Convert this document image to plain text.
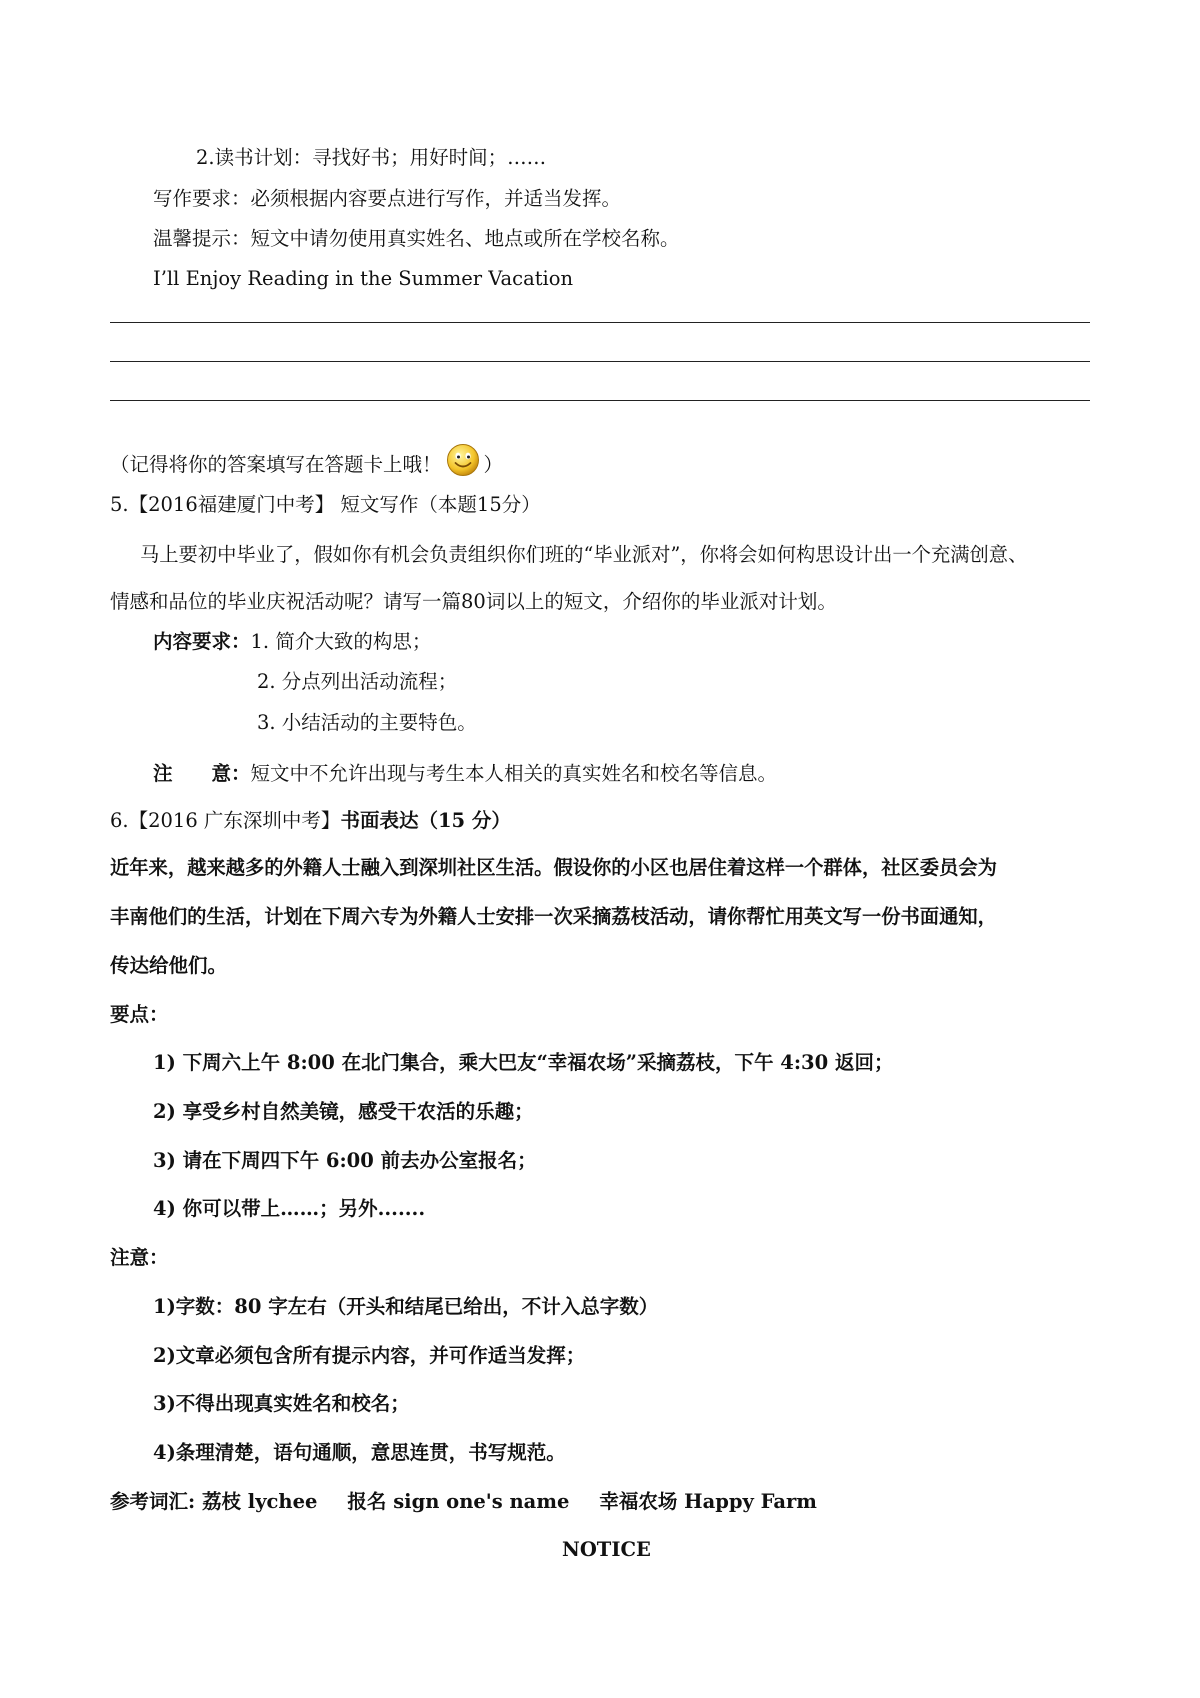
2.读书计划：寻找好书；用好时间；……
写作要求：必须根据内容要点进行写作，并适当发挥。
温馨提示：短文中请勿使用真实姓名、地点或所在学校名称。
I’ll Enjoy Reading in the Summer Vacation
（记得将你的答案填写在答题卡上哦！ ）
5.【2016福建厦门中考】 短文写作（本题15分）
马上要初中毕业了，假如你有机会负责组织你们班的“毕业派对”，你将会如何构思设计出一个充满创意、
情感和品位的毕业庆祝活动呢？请写一篇80词以上的短文，介绍你的毕业派对计划。
内容要求：1. 简介大致的构思；
2. 分点列出活动流程；
3. 小结活动的主要特色。
注　　意：短文中不允许出现与考生本人相关的真实姓名和校名等信息。
6.【2016 广东深圳中考】书面表达（15 分）
近年来，越来越多的外籍人士融入到深圳社区生活。假设你的小区也居住着这样一个群体，社区委员会为
丰南他们的生活，计划在下周六专为外籍人士安排一次采摘荔枝活动，请你帮忙用英文写一份书面通知，
传达给他们。
要点：
1) 下周六上午 8:00 在北门集合，乘大巴友“幸福农场”采摘荔枝，下午 4:30 返回；
2) 享受乡村自然美镜，感受干农活的乐趣；
3) 请在下周四下午 6:00 前去办公室报名；
4) 你可以带上……；另外.......
注意：
1)字数：80 字左右（开头和结尾已给出，不计入总字数）
2)文章必须包含所有提示内容，并可作适当发挥；
3)不得出现真实姓名和校名；
4)条理清楚，语句通顺，意思连贯，书写规范。
参考词汇: 荔枝 lychee 报名 sign one's name 幸福农场 Happy Farm
NOTICE
